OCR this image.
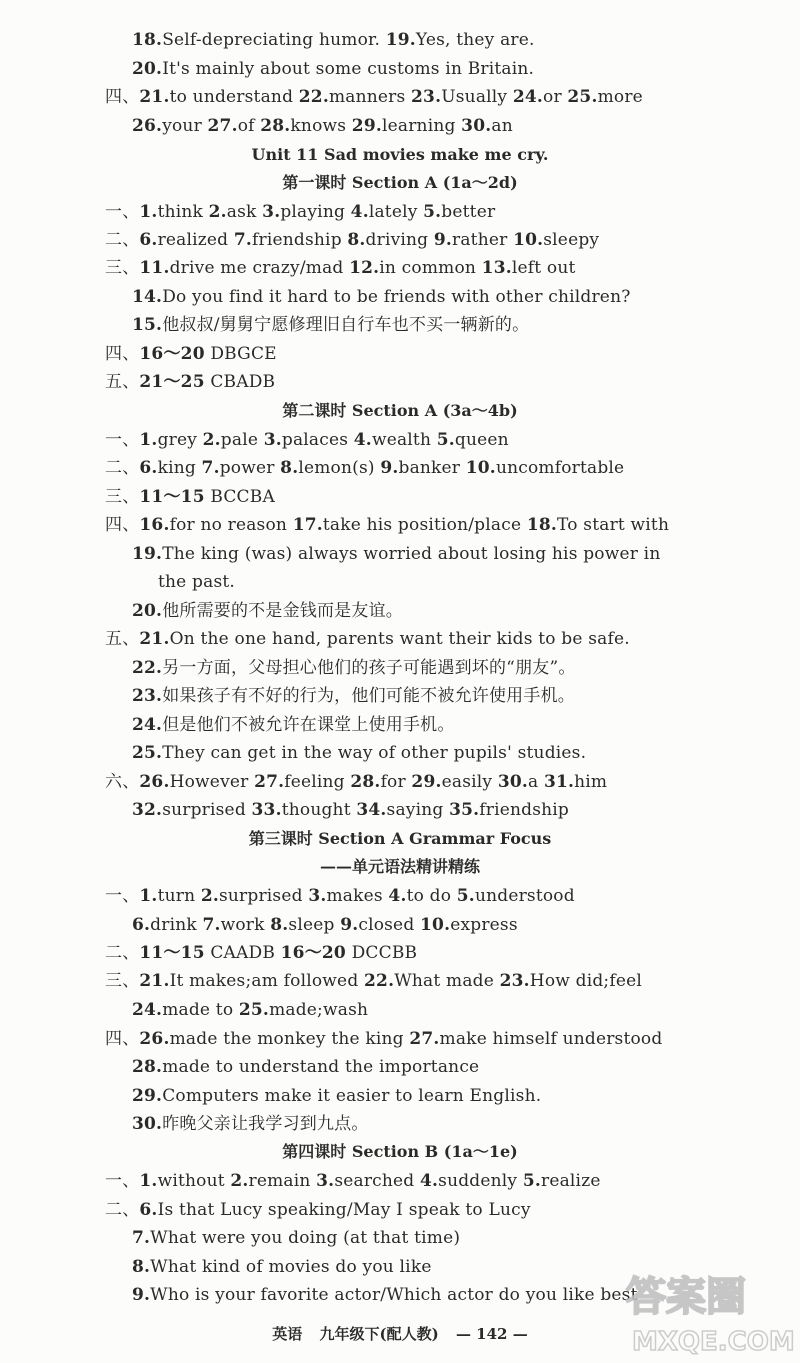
18.Self-depreciating humor. 19.Yes, they are.
20.It's mainly about some customs in Britain.
四、21.to understand 22.manners 23.Usually 24.or 25.more
26.your 27.of 28.knows 29.learning 30.an
一、1.think 2.ask 3.playing 4.lately 5.better
二、6.realized 7.friendship 8.driving 9.rather 10.sleepy
三、11.drive me crazy/mad 12.in common 13.left out
14.Do you find it hard to be friends with other children?
15.他叔叔/舅舅宁愿修理旧自行车也不买一辆新的。
四、16～20 DBGCE
五、21～25 CBADB
一、1.grey 2.pale 3.palaces 4.wealth 5.queen
二、6.king 7.power 8.lemon(s) 9.banker 10.uncomfortable
三、11～15 BCCBA
四、16.for no reason 17.take his position/place 18.To start with
19.The king (was) always worried about losing his power in
the past.
20.他所需要的不是金钱而是友谊。
五、21.On the one hand, parents want their kids to be safe.
22.另一方面，父母担心他们的孩子可能遇到坏的“朋友”。
23.如果孩子有不好的行为，他们可能不被允许使用手机。
24.但是他们不被允许在课堂上使用手机。
25.They can get in the way of other pupils' studies.
六、26.However 27.feeling 28.for 29.easily 30.a 31.him
32.surprised 33.thought 34.saying 35.friendship
一、1.turn 2.surprised 3.makes 4.to do 5.understood
6.drink 7.work 8.sleep 9.closed 10.express
二、11～15 CAADB 16～20 DCCBB
三、21.It makes;am followed 22.What made 23.How did;feel
24.made to 25.made;wash
四、26.made the monkey the king 27.make himself understood
28.made to understand the importance
29.Computers make it easier to learn English.
30.昨晚父亲让我学习到九点。
一、1.without 2.remain 3.searched 4.suddenly 5.realize
二、6.Is that Lucy speaking/May I speak to Lucy
7.What were you doing (at that time)
8.What kind of movies do you like
9.Who is your favorite actor/Which actor do you like best
Unit 11 Sad movies make me cry.
第一课时 Section A (1a～2d)
第二课时 Section A (3a～4b)
第三课时 Section A Grammar Focus
——单元语法精讲精练
第四课时 Section B (1a～1e)
英语 九年级下(配人教) — 142 —
答案圈
MXQE.COM
